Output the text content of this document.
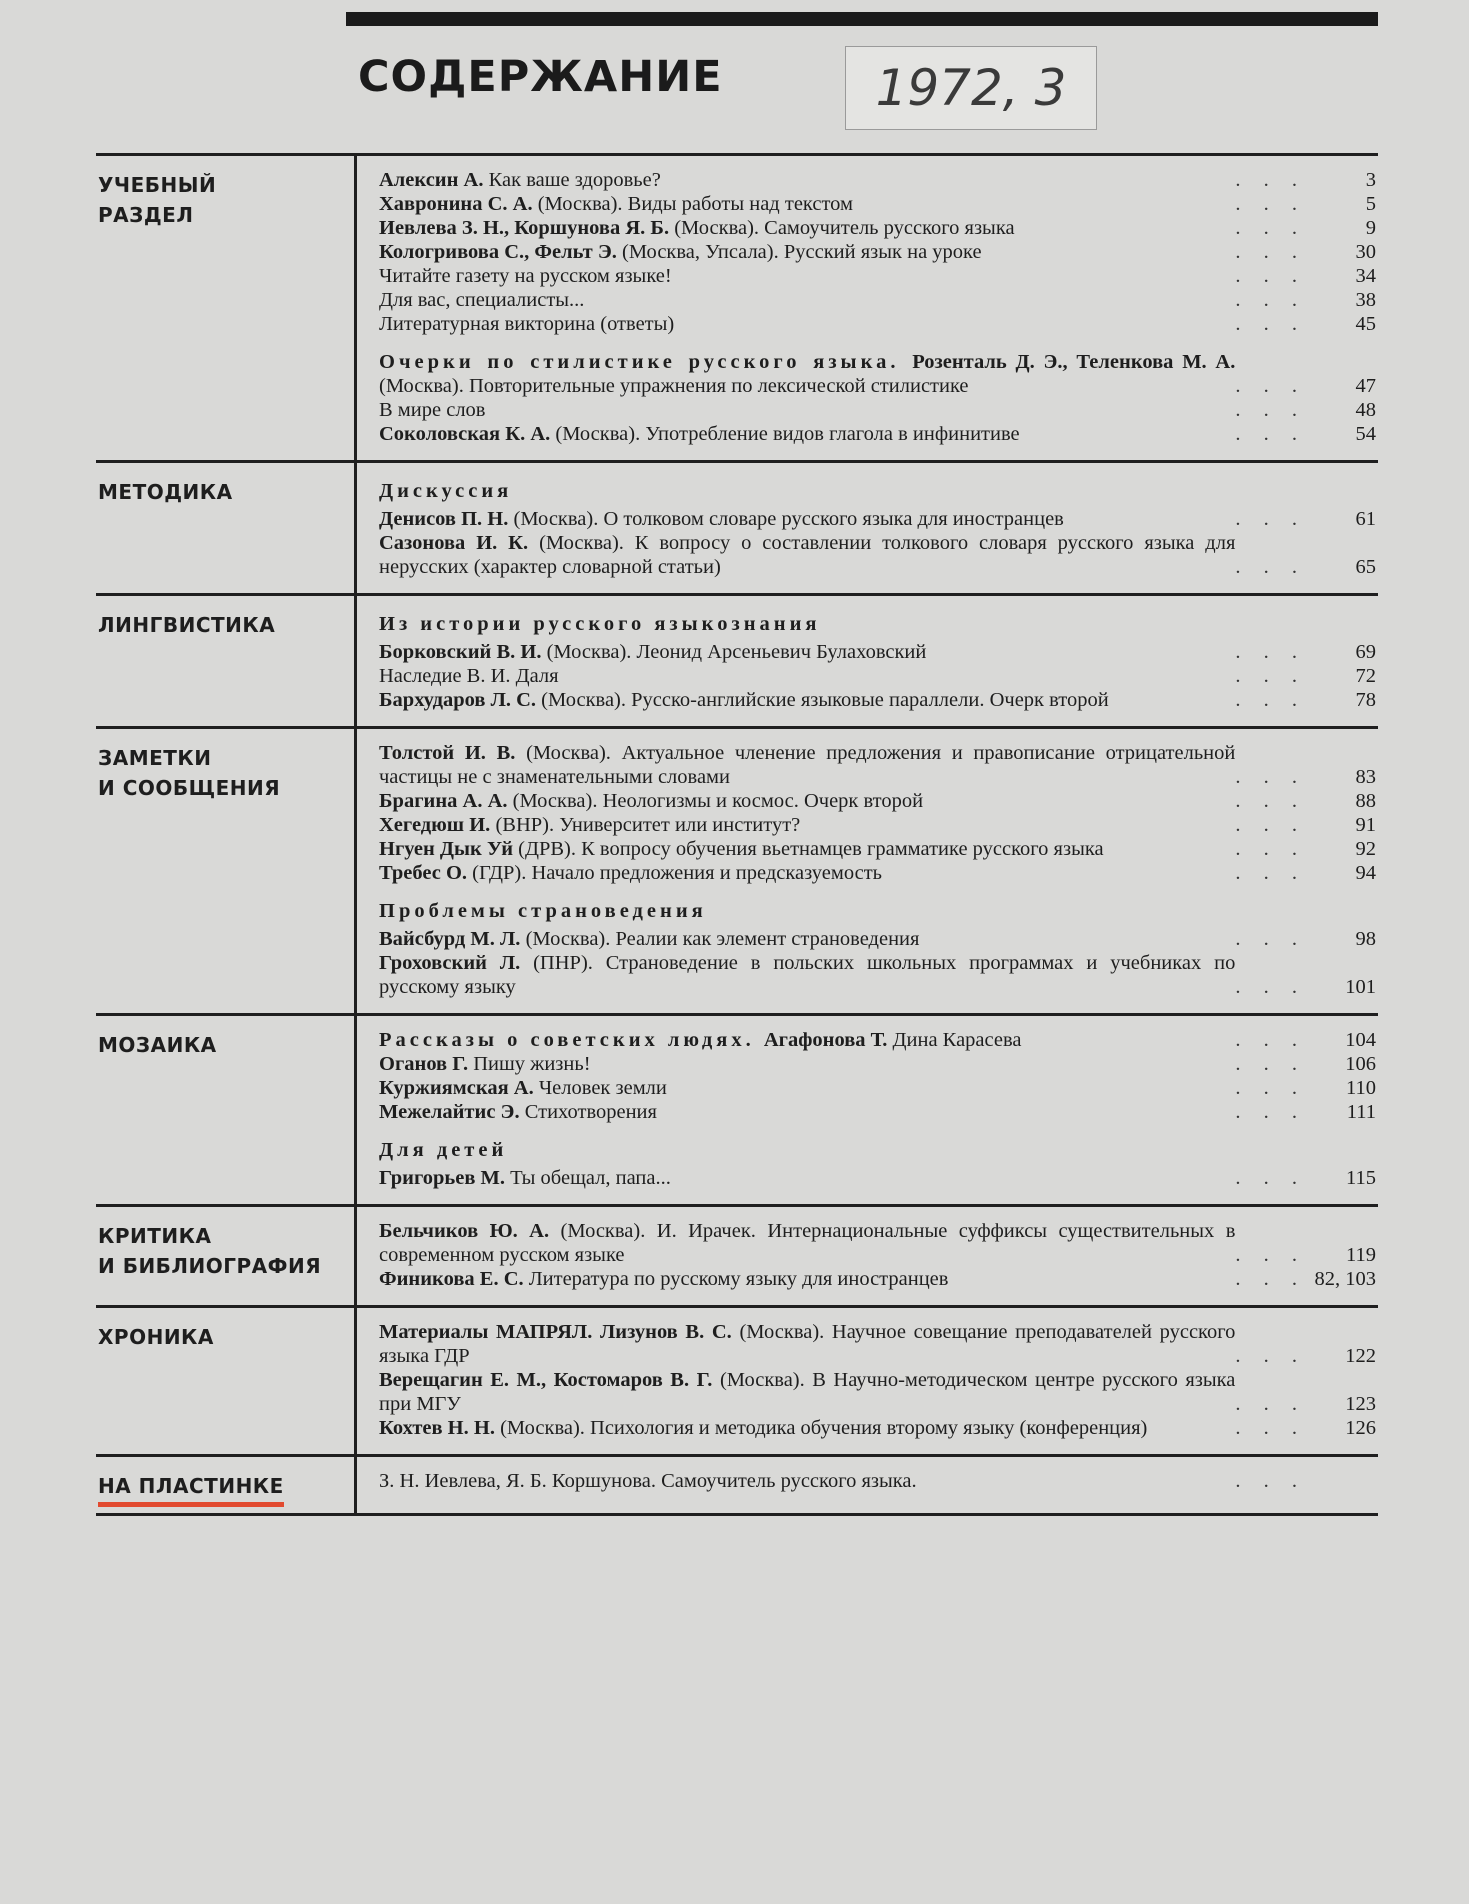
СОДЕРЖАНИЕ	1972, 3
УЧЕБНЫЙ
РАЗДЕЛ
Алексин А. Как ваше здоровье?	. . .	3
Хавронина С. А. (Москва). Виды работы над текстом	. . .	5
Иевлева З. Н., Коршунова Я. Б. (Москва). Самоучитель русского языка	. . .	9
Кологривова С., Фельт Э. (Москва, Упсала). Русский язык на уроке	. . .	30
Читайте газету на русском языке!	. . .	34
Для вас, специалисты...	. . .	38
Литературная викторина (ответы)	. . .	45
Очерки по стилистике русского языка. Розенталь Д. Э., Теленкова М. А. (Москва). Повторительные упражнения по лексической стилистике	. . .	47
В мире слов	. . .	48
Соколовская К. А. (Москва). Употребление видов глагола в инфинитиве	. . .	54
МЕТОДИКА	Дискуссия
Денисов П. Н. (Москва). О толковом словаре русского языка для иностранцев	. . .	61
Сазонова И. К. (Москва). К вопросу о составлении толкового словаря русского языка для нерусских (характер словарной статьи)	. . .	65
ЛИНГВИСТИКА	Из истории русского языкознания
Борковский В. И. (Москва). Леонид Арсеньевич Булаховский	. . .	69
Наследие В. И. Даля	. . .	72
Бархударов Л. С. (Москва). Русско-английские языковые параллели. Очерк второй	. . .	78
ЗАМЕТКИ
И СООБЩЕНИЯ
Толстой И. В. (Москва). Актуальное членение предложения и правописание отрицательной частицы не с знаменательными словами	. . .	83
Брагина А. А. (Москва). Неологизмы и космос. Очерк второй	. . .	88
Хегедюш И. (ВНР). Университет или институт?	. . .	91
Нгуен Дык Уй (ДРВ). К вопросу обучения вьетнамцев грамматике русского языка	. . .	92
Требес О. (ГДР). Начало предложения и предсказуемость	. . .	94
Проблемы страноведения
Вайсбурд М. Л. (Москва). Реалии как элемент страноведения	. . .	98
Гроховский Л. (ПНР). Страноведение в польских школьных программах и учебниках по русскому языку	. . .	101
МОЗАИКА	Рассказы о советских людях. Агафонова Т. Дина Карасева	. . .	104
Оганов Г. Пишу жизнь!	. . .	106
Куржиямская А. Человек земли	. . .	110
Межелайтис Э. Стихотворения	. . .	111
Для детей
Григорьев М. Ты обещал, папа...	. . .	115
КРИТИКА
И БИБЛИОГРАФИЯ
Бельчиков Ю. А. (Москва). И. Ирачек. Интернациональные суффиксы существительных в современном русском языке	. . .	119
Финикова Е. С. Литература по русскому языку для иностранцев	. . . 82, 103
ХРОНИКА	Материалы МАПРЯЛ. Лизунов В. С. (Москва). Научное совещание преподавателей русского языка ГДР	. . .	122
Верещагин Е. М., Костомаров В. Г. (Москва). В Научно-методическом центре русского языка при МГУ	. . .	123
Кохтев Н. Н. (Москва). Психология и методика обучения второму языку (конференция)	. . .	126
НА ПЛАСТИНКЕ	З. Н. Иевлева, Я. Б. Коршунова. Самоучитель русского языка.	. . .
